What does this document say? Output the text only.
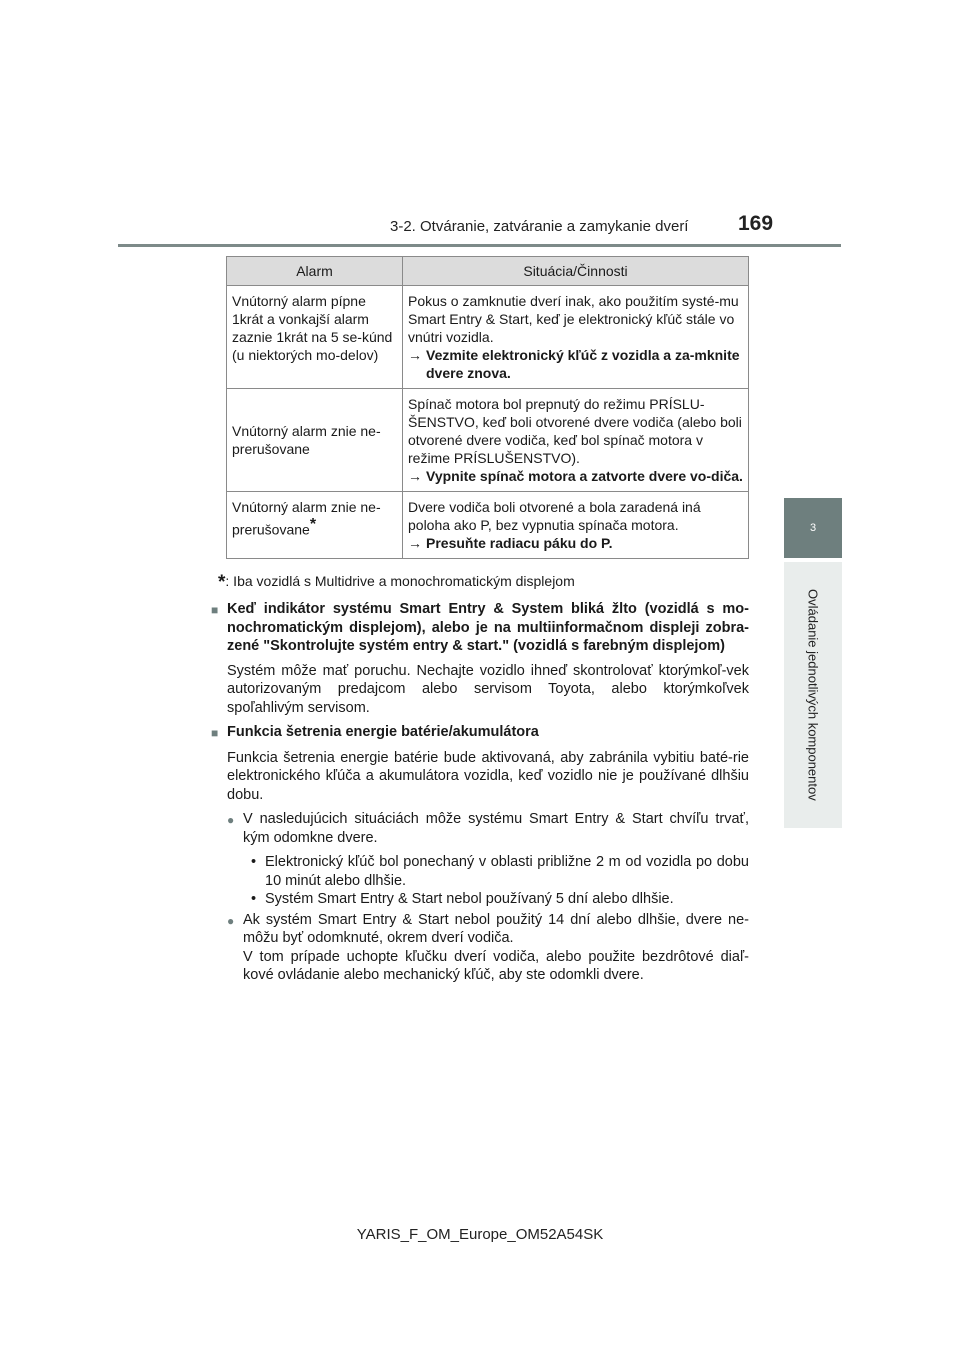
3-2. Otváranie, zatváranie a zamykanie dverí 169
3
Ovládanie jednotlivých komponentov
Alarm	Situácia/Činnosti
Vnútorný alarm pípne 1krát a vonkajší alarm zaznie 1krát na 5 se-kúnd (u niektorých mo-delov)	Pokus o zamknutie dverí inak, ako použitím systé-mu Smart Entry & Start, keď je elektronický kľúč stále vo vnútri vozidla.
→ Vezmite elektronický kľúč z vozidla a za-mknite dvere znova.

Vnútorný alarm znie ne-prerušovane	Spínač motora bol prepnutý do režimu PRÍSLU-ŠENSTVO, keď boli otvorené dvere vodiča (alebo boli otvorené dvere vodiča, keď bol spínač motora v režime PRÍSLUŠENSTVO).
→ Vypnite spínač motora a zatvorte dvere vo-diča.

Vnútorný alarm znie ne-prerušovane*	Dvere vodiča boli otvorené a bola zaradená iná poloha ako P, bez vypnutia spínača motora.
→ Presuňte radiacu páku do P.
*: Iba vozidlá s Multidrive a monochromatickým displejom
■ Keď indikátor systému Smart Entry & System bliká žlto (vozidlá s mo-nochromatickým displejom), alebo je na multiinformačnom displeji zobra-zené "Skontrolujte systém entry & start." (vozidlá s farebným displejom)
Systém môže mať poruchu. Nechajte vozidlo ihneď skontrolovať ktorýmkoľ-vek autorizovaným predajcom alebo servisom Toyota, alebo ktorýmkoľvek spoľahlivým servisom.
■ Funkcia šetrenia energie batérie/akumulátora
Funkcia šetrenia energie batérie bude aktivovaná, aby zabránila vybitiu baté-rie elektronického kľúča a akumulátora vozidla, keď vozidlo nie je používané dlhšiu dobu.
● V nasledujúcich situáciách môže systému Smart Entry & Start chvíľu trvať, kým odomkne dvere.
• Elektronický kľúč bol ponechaný v oblasti približne 2 m od vozidla po dobu 10 minút alebo dlhšie.
• Systém Smart Entry & Start nebol používaný 5 dní alebo dlhšie.
● Ak systém Smart Entry & Start nebol použitý 14 dní alebo dlhšie, dvere ne-môžu byť odomknuté, okrem dverí vodiča.
V tom prípade uchopte kľučku dverí vodiča, alebo použite bezdrôtové diaľ-kové ovládanie alebo mechanický kľúč, aby ste odomkli dvere.
YARIS_F_OM_Europe_OM52A54SK
